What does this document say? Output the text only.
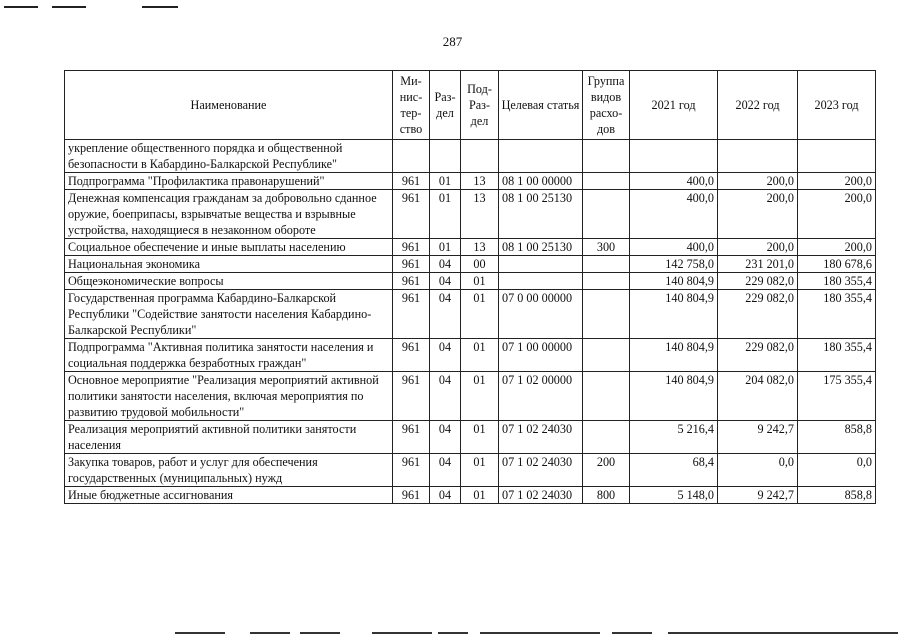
287
Наименование	Ми-нис-тер-ство	Раз-дел	Под-Раз-дел	Целевая статья	Группа видов расхо-дов	2021 год	2022 год	2023 год
укрепление общественного порядка и общественной безопасности в Кабардино-Балкарской Республике"								
Подпрограмма "Профилактика правонарушений"	961	01	13	08 1 00 00000		400,0	200,0	200,0
Денежная компенсация гражданам за добровольно сданное оружие, боеприпасы, взрывчатые вещества и взрывные устройства, находящиеся в незаконном обороте	961	01	13	08 1 00 25130		400,0	200,0	200,0
Социальное обеспечение и иные выплаты населению	961	01	13	08 1 00 25130	300	400,0	200,0	200,0
Национальная экономика	961	04	00			142 758,0	231 201,0	180 678,6
Общеэкономические вопросы	961	04	01			140 804,9	229 082,0	180 355,4
Государственная программа Кабардино-Балкарской Республики "Содействие занятости населения Кабардино-Балкарской Республики"	961	04	01	07 0 00 00000		140 804,9	229 082,0	180 355,4
Подпрограмма "Активная политика занятости населения и социальная поддержка безработных граждан"	961	04	01	07 1 00 00000		140 804,9	229 082,0	180 355,4
Основное мероприятие "Реализация мероприятий активной политики занятости населения, включая мероприятия по развитию трудовой мобильности"	961	04	01	07 1 02 00000		140 804,9	204 082,0	175 355,4
Реализация мероприятий активной политики занятости населения	961	04	01	07 1 02 24030		5 216,4	9 242,7	858,8
Закупка товаров, работ и услуг для обеспечения государственных (муниципальных) нужд	961	04	01	07 1 02 24030	200	68,4	0,0	0,0
Иные бюджетные ассигнования	961	04	01	07 1 02 24030	800	5 148,0	9 242,7	858,8
